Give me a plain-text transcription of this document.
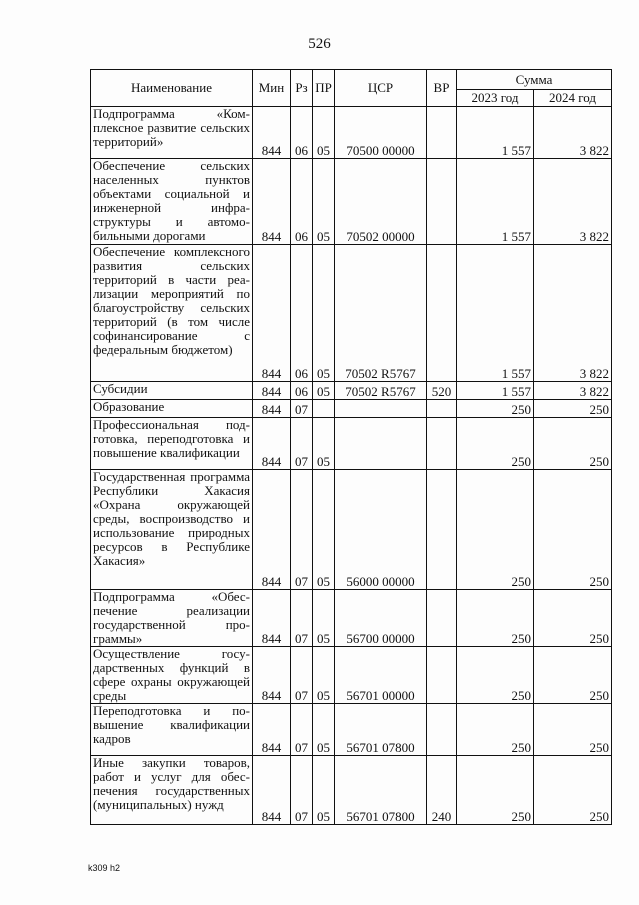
526
Наименование	Мин	Рз	ПР	ЦСР	ВР	Сумма	
						2023 год	2024 год
Подпрограмма «Комплексное развитие сельских территорий»	844	06	05	70500 00000		1 557	3 822
Обеспечение сельских населенных пунктов объектами социальной и инженерной инфраструктуры и автомобильными дорогами	844	06	05	70502 00000		1 557	3 822
Обеспечение комплексного развития сельских территорий в части реализации мероприятий по благоустройству сельских территорий (в том числе софинансирование с федеральным бюджетом)	844	06	05	70502 R5767		1 557	3 822
Субсидии	844	06	05	70502 R5767	520	1 557	3 822
Образование	844	07				250	250
Профессиональная подготовка, переподготовка и повышение квалификации	844	07	05			250	250
Государственная программа Республики Хакасия «Охрана окружающей среды, воспроизводство и использование природных ресурсов в Республике Хакасия»	844	07	05	56000 00000		250	250
Подпрограмма «Обеспечение реализации государственной программы»	844	07	05	56700 00000		250	250
Осуществление государственных функций в сфере охраны окружающей среды	844	07	05	56701 00000		250	250
Переподготовка и повышение квалификации кадров	844	07	05	56701 07800		250	250
Иные закупки товаров, работ и услуг для обеспечения государственных (муниципальных) нужд	844	07	05	56701 07800	240	250	250
k309 h2
